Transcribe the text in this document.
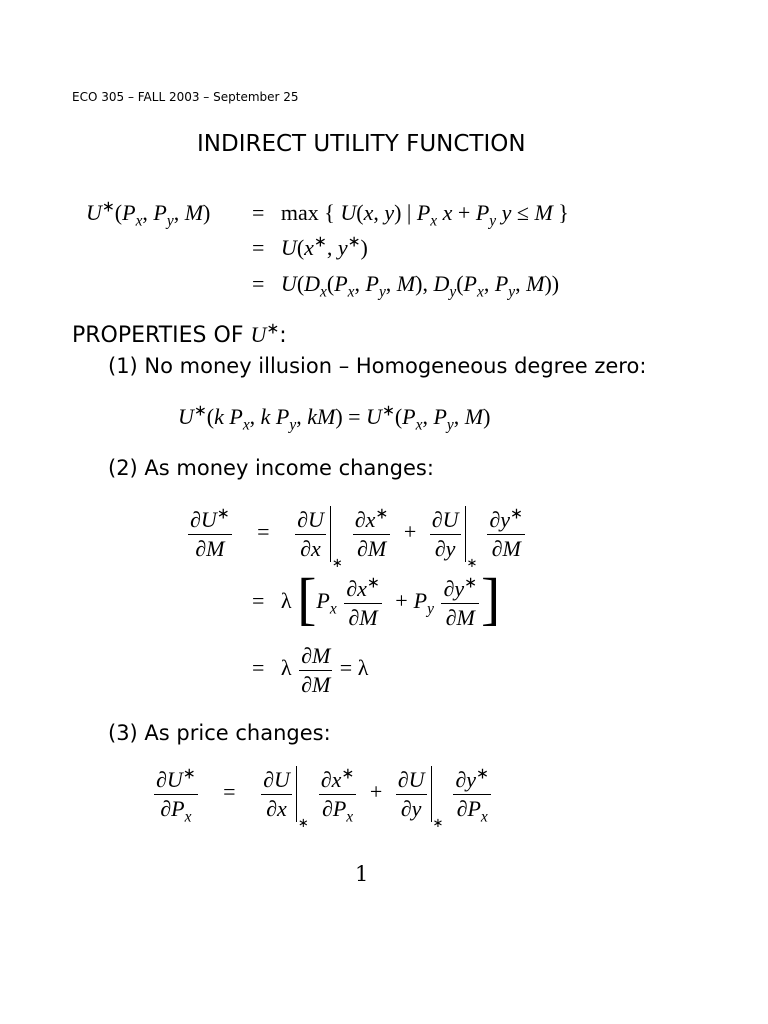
ECO 305 – FALL 2003 – September 25
INDIRECT UTILITY FUNCTION
$U^∗(P_x$, $P_y$, M) =   max { U(x, y) | $P_x$ $x + P_y$ y ≤ M }
=   U(x∗, y∗)
=   $U(D_x(P_x$, $P_y$, M), $D_y(P_x$, $P_y$, M))
PROPERTIES OF U∗:
(1) No money illusion – Homogeneous degree zero:
U∗(k $P_x$, k $P_y$, $kM) = U^∗(P_x$, $P_y$, M)
(2) As money income changes:
$\frac{\partial U^∗}{\partial M} = \frac{\partial U}{\partial x}$
∗
$\frac{\partial x^∗}{\partial M} + \frac{\partial U}{\partial y}$
∗
$\frac{\partial y^∗}{\partial M}$
=   λ [$P_x \frac{\partial x^∗}{\partial M} + P_y \frac{\partial y^∗}{\partial M}$ ]
=   λ $\frac{\partial M}{\partial M} = \lambda$
(3) As price changes:
$\frac{\partial U^∗}{\partial P_x} = \frac{\partial U}{\partial x}$
∗
$\frac{\partial x^∗}{\partial P_x} + \frac{\partial U}{\partial y}$
∗
$\frac{\partial y^∗}{\partial P_x}$
1
